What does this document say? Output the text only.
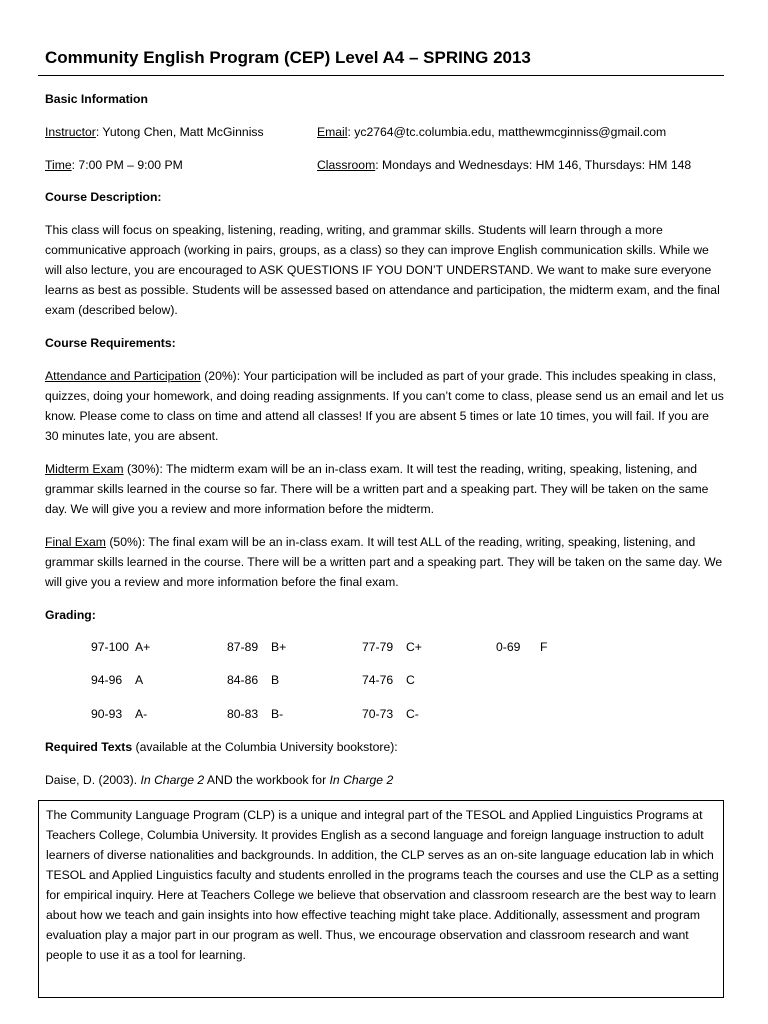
Community English Program (CEP) Level A4 – SPRING 2013
Basic Information
Instructor: Yutong Chen, Matt McGinniss	Email: yc2764@tc.columbia.edu, matthewmcginniss@gmail.com
Time: 7:00 PM – 9:00 PM	Classroom: Mondays and Wednesdays: HM 146, Thursdays: HM 148
Course Description:
This class will focus on speaking, listening, reading, writing, and grammar skills. Students will learn through a more communicative approach (working in pairs, groups, as a class) so they can improve English communication skills. While we will also lecture, you are encouraged to ASK QUESTIONS IF YOU DON’T UNDERSTAND. We want to make sure everyone learns as best as possible. Students will be assessed based on attendance and participation, the midterm exam, and the final exam (described below).
Course Requirements:
Attendance and Participation (20%): Your participation will be included as part of your grade. This includes speaking in class, quizzes, doing your homework, and doing reading assignments. If you can’t come to class, please send us an email and let us know. Please come to class on time and attend all classes! If you are absent 5 times or late 10 times, you will fail. If you are 30 minutes late, you are absent.
Midterm Exam (30%): The midterm exam will be an in-class exam. It will test the reading, writing, speaking, listening, and grammar skills learned in the course so far. There will be a written part and a speaking part. They will be taken on the same day. We will give you a review and more information before the midterm.
Final Exam (50%): The final exam will be an in-class exam. It will test ALL of the reading, writing, speaking, listening, and grammar skills learned in the course. There will be a written part and a speaking part. They will be taken on the same day. We will give you a review and more information before the final exam.
Grading:
97-100 A+	87-89 B+	77-79 C+	0-69 F
94-96 A	84-86 B	74-76 C
90-93 A-	80-83 B-	70-73 C-
Required Texts (available at the Columbia University bookstore):
Daise, D. (2003). In Charge 2 AND the workbook for In Charge 2
The Community Language Program (CLP) is a unique and integral part of the TESOL and Applied Linguistics Programs at Teachers College, Columbia University. It provides English as a second language and foreign language instruction to adult learners of diverse nationalities and backgrounds. In addition, the CLP serves as an on-site language education lab in which TESOL and Applied Linguistics faculty and students enrolled in the programs teach the courses and use the CLP as a setting for empirical inquiry. Here at Teachers College we believe that observation and classroom research are the best way to learn about how we teach and gain insights into how effective teaching might take place. Additionally, assessment and program evaluation play a major part in our program as well. Thus, we encourage observation and classroom research and want people to use it as a tool for learning.
